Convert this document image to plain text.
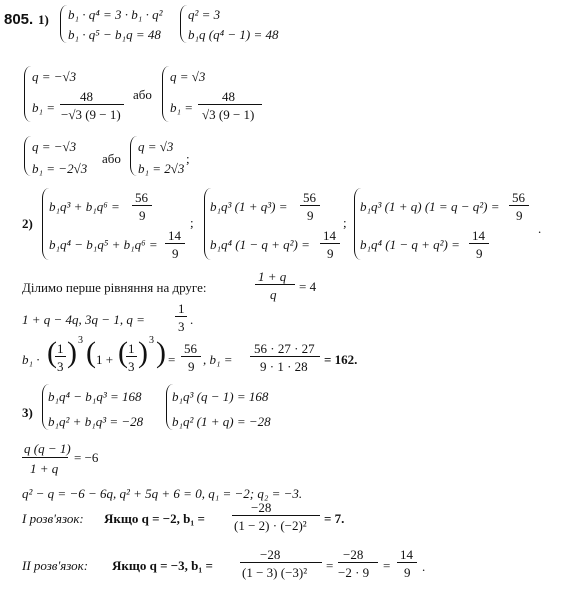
805. 1) b₁ · q⁴ = 3 · b₁ · q²
b₁ · q⁵ − b₁q = 48
q² = 3
b₁q (q⁴ − 1) = 48
q = −√3
b₁ =
48
−√3 (9 − 1)
або
q = √3
b₁ =
48
√3 (9 − 1)
q = −√3
b₁ = −2√3
або
q = √3
b₁ = 2√3
;
2)
b₁q³ + b₁q⁶ =
56
9
b₁q⁴ − b₁q⁵ + b₁q⁶ =
14
9
;
b₁q³ (1 + q³) =
56
9
b₁q⁴ (1 − q + q²) =
14
9
;
b₁q³ (1 + q) (1 = q − q²) =
56
9
b₁q⁴ (1 − q + q²) =
14
9
.
Ділимо перше рівняння на друге:
1 + q
q
= 4
1 + q − 4q, 3q − 1, q =
1
3 .
b₁ · ( 1
3 ) 3 ( 1 + ( 1
3 ) 3 ) =
56
9 , b₁ =
56 · 27 · 27
9 · 1 · 28 = 162.
3)
b₁q⁴ − b₁q³ = 168
b₁q² + b₁q³ = −28
b₁q³ (q − 1) = 168
b₁q² (1 + q) = −28
q (q − 1)
1 + q
= −6
q² − q = −6 − 6q, q² + 5q + 6 = 0, q₁ = −2; q₂ = −3.
I розв'язок: Якщо q = −2, b₁ =
−28
(1 − 2) · (−2)² = 7.
II розв'язок: Якщо q = −3, b₁ =
−28
(1 − 3) (−3)² =
−28
−2 · 9 =
14
9 .
